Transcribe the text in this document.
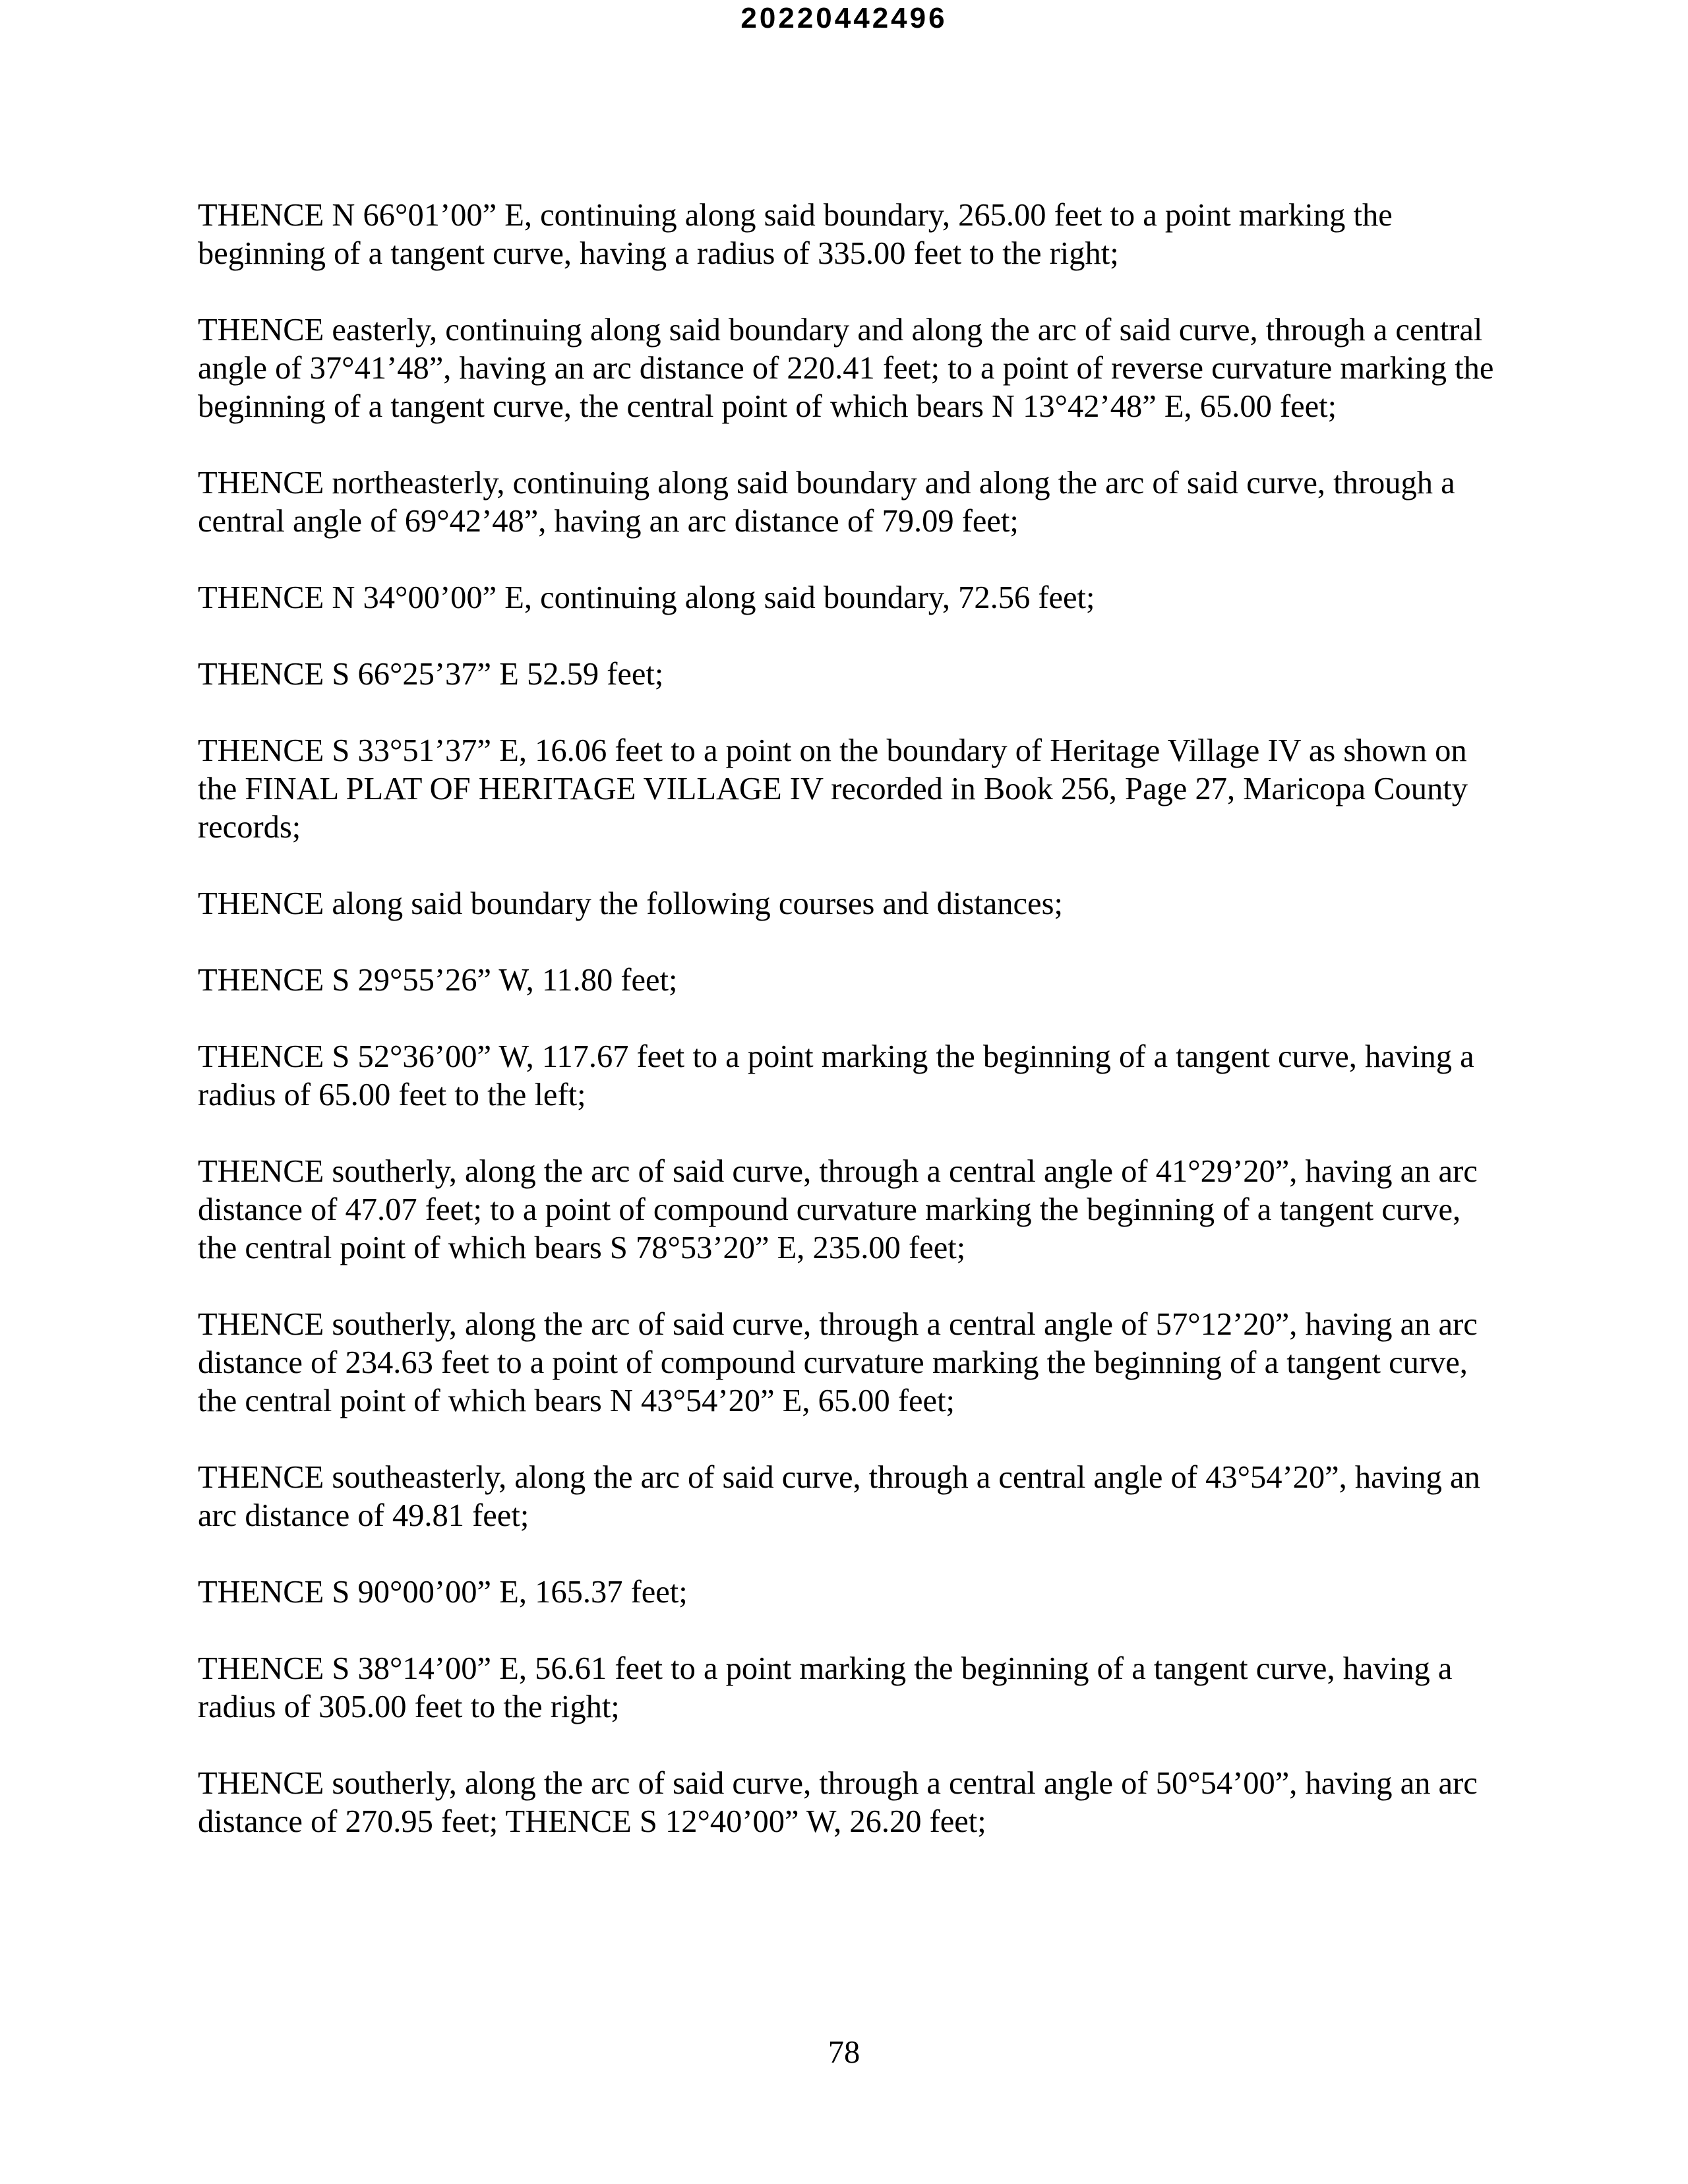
20220442496

THENCE N 66°01’00” E, continuing along said boundary, 265.00 feet to a point marking the beginning of a tangent curve, having a radius of 335.00 feet to the right;

THENCE easterly, continuing along said boundary and along the arc of said curve, through a central angle of 37°41’48”, having an arc distance of 220.41 feet; to a point of reverse curvature marking the beginning of a tangent curve, the central point of which bears N 13°42’48” E, 65.00 feet;

THENCE northeasterly, continuing along said boundary and along the arc of said curve, through a central angle of 69°42’48”, having an arc distance of 79.09 feet;

THENCE N 34°00’00” E, continuing along said boundary, 72.56 feet;

THENCE S 66°25’37” E 52.59 feet;

THENCE S 33°51’37” E, 16.06 feet to a point on the boundary of Heritage Village IV as shown on the FINAL PLAT OF HERITAGE VILLAGE IV recorded in Book 256, Page 27, Maricopa County records;

THENCE along said boundary the following courses and distances;

THENCE S 29°55’26” W, 11.80 feet;

THENCE S 52°36’00” W, 117.67 feet to a point marking the beginning of a tangent curve, having a radius of 65.00 feet to the left;

THENCE southerly, along the arc of said curve, through a central angle of 41°29’20”, having an arc distance of 47.07 feet; to a point of compound curvature marking the beginning of a tangent curve, the central point of which bears S 78°53’20” E, 235.00 feet;

THENCE southerly, along the arc of said curve, through a central angle of 57°12’20”, having an arc distance of 234.63 feet to a point of compound curvature marking the beginning of a tangent curve, the central point of which bears N 43°54’20” E, 65.00 feet;

THENCE southeasterly, along the arc of said curve, through a central angle of 43°54’20”, having an arc distance of 49.81 feet;

THENCE S 90°00’00” E, 165.37 feet;

THENCE S 38°14’00” E, 56.61 feet to a point marking the beginning of a tangent curve, having a radius of 305.00 feet to the right;

THENCE southerly, along the arc of said curve, through a central angle of 50°54’00”, having an arc distance of 270.95 feet; THENCE S 12°40’00” W, 26.20 feet;

78
